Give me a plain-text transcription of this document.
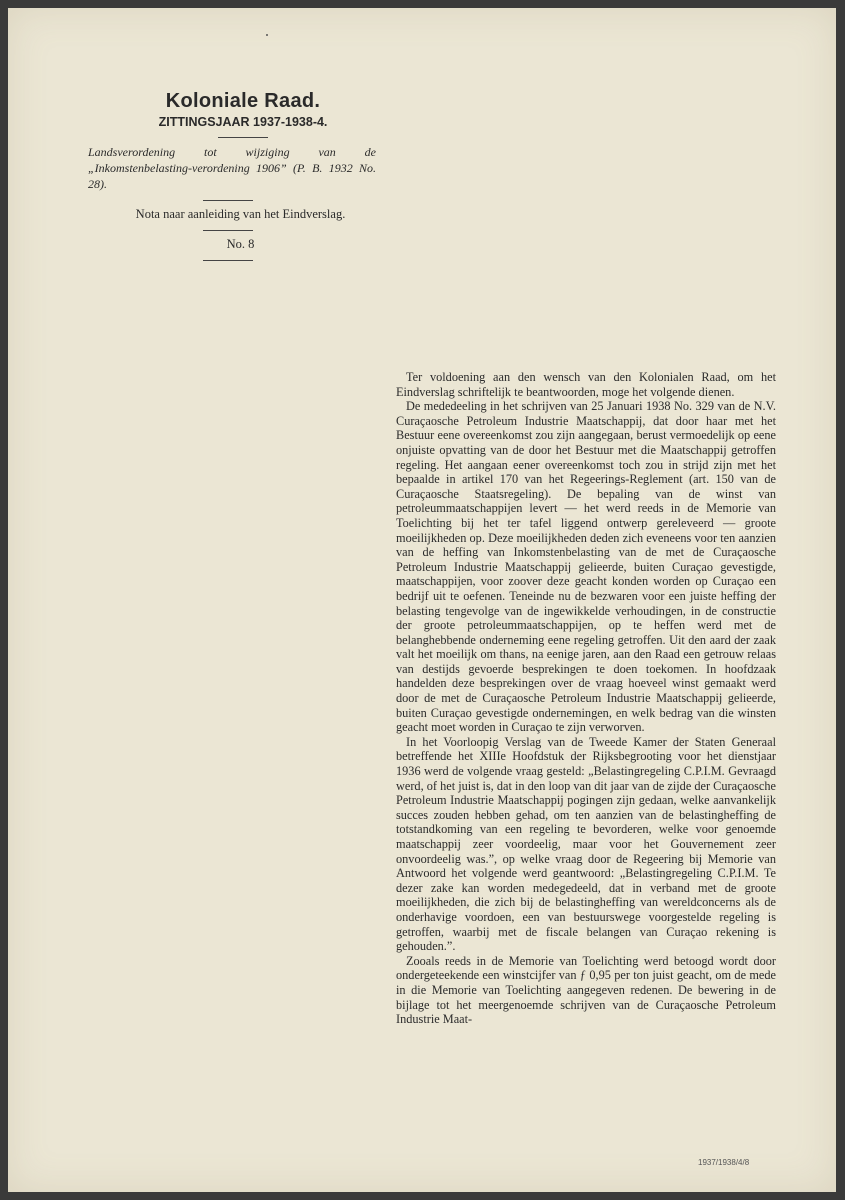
Koloniale Raad.
ZITTINGSJAAR 1937-1938-4.
Landsverordening tot wijziging van de „Inkomstenbelasting-verordening 1906” (P. B. 1932 No. 28).
Nota naar aanleiding van het Eindverslag.
No. 8

Ter voldoening aan den wensch van den Kolonialen Raad, om het Eindverslag schriftelijk te beantwoorden, moge het volgende dienen.

De mededeeling in het schrijven van 25 Januari 1938 No. 329 van de N.V. Curaçaosche Petroleum Industrie Maatschappij, dat door haar met het Bestuur eene overeenkomst zou zijn aangegaan, berust vermoedelijk op eene onjuiste opvatting van de door het Bestuur met die Maatschappij getroffen regeling. Het aangaan eener overeenkomst toch zou in strijd zijn met het bepaalde in artikel 170 van het Regeerings-Reglement (art. 150 van de Curaçaosche Staatsregeling). De bepaling van de winst van petroleummaatschappijen levert — het werd reeds in de Memorie van Toelichting bij het ter tafel liggend ontwerp gereleveerd — groote moeilijkheden op. Deze moeilijkheden deden zich eveneens voor ten aanzien van de heffing van Inkomstenbelasting van de met de Curaçaosche Petroleum Industrie Maatschappij gelieerde, buiten Curaçao gevestigde, maatschappijen, voor zoover deze geacht konden worden op Curaçao een bedrijf uit te oefenen. Teneinde nu de bezwaren voor een juiste heffing der belasting tengevolge van de ingewikkelde verhoudingen, in de constructie der groote petroleummaatschappijen, op te heffen werd met de belanghebbende onderneming eene regeling getroffen. Uit den aard der zaak valt het moeilijk om thans, na eenige jaren, aan den Raad een getrouw relaas van destijds gevoerde besprekingen te doen toekomen. In hoofdzaak handelden deze besprekingen over de vraag hoeveel winst gemaakt werd door de met de Curaçaosche Petroleum Industrie Maatschappij gelieerde, buiten Curaçao gevestigde ondernemingen, en welk bedrag van die winsten geacht moet worden in Curaçao te zijn verworven.

In het Voorloopig Verslag van de Tweede Kamer der Staten Generaal betreffende het XIIIe Hoofdstuk der Rijksbegrooting voor het dienstjaar 1936 werd de volgende vraag gesteld: „Belastingregeling C.P.I.M. Gevraagd werd, of het juist is, dat in den loop van dit jaar van de zijde der Curaçaosche Petroleum Industrie Maatschappij pogingen zijn gedaan, welke aanvankelijk succes zouden hebben gehad, om ten aanzien van de belastingheffing de totstandkoming van een regeling te bevorderen, welke voor genoemde maatschappij zeer voordeelig, maar voor het Gouvernement zeer onvoordeelig was.”, op welke vraag door de Regeering bij Memorie van Antwoord het volgende werd geantwoord: „Belastingregeling C.P.I.M. Te dezer zake kan worden medegedeeld, dat in verband met de groote moeilijkheden, die zich bij de belastingheffing van wereldconcerns als de onderhavige voordoen, een van bestuurswege voorgestelde regeling is getroffen, waarbij met de fiscale belangen van Curaçao rekening is gehouden.”.

Zooals reeds in de Memorie van Toelichting werd betoogd wordt door ondergeteekende een winstcijfer van ƒ 0,95 per ton juist geacht, om de mede in die Memorie van Toelichting aangegeven redenen. De bewering in de bijlage tot het meergenoemde schrijven van de Curaçaosche Petroleum Industrie Maat-

1937/1938/4/8
